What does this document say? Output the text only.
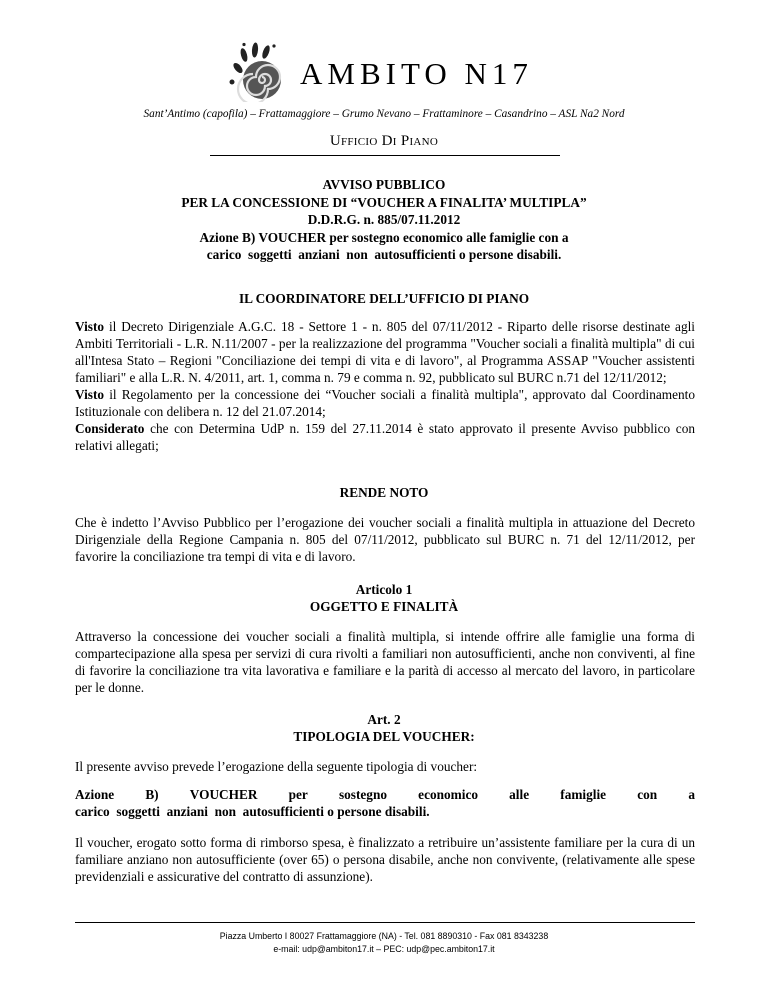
AMBITO N17
Sant’Antimo (capofila) – Frattamaggiore – Grumo Nevano – Frattaminore – Casandrino – ASL Na2 Nord
Ufficio Di Piano
AVVISO PUBBLICO
PER LA CONCESSIONE DI “VOUCHER A FINALITA’ MULTIPLA”
D.D.R.G. n. 885/07.11.2012
Azione B) VOUCHER per sostegno economico alle famiglie con a
carico  soggetti  anziani  non  autosufficienti o persone disabili.
IL COORDINATORE DELL’UFFICIO DI PIANO

Visto il Decreto Dirigenziale A.G.C. 18 - Settore 1 - n. 805 del 07/11/2012 - Riparto delle risorse destinate agli Ambiti Territoriali - L.R. N.11/2007 - per la realizzazione del programma "Voucher sociali a finalità multipla" di cui all'Intesa Stato – Regioni "Conciliazione dei tempi di vita e di lavoro", al Programma ASSAP "Voucher assistenti familiari" e alla L.R. N. 4/2011, art. 1, comma n. 79 e comma n. 92, pubblicato sul BURC n.71 del 12/11/2012;

Visto il Regolamento per la concessione dei “Voucher sociali a finalità multipla", approvato dal Coordinamento Istituzionale con delibera n. 12 del 21.07.2014;

Considerato che con Determina UdP n. 159 del 27.11.2014 è stato approvato il presente Avviso pubblico con relativi allegati;

RENDE NOTO
Che è indetto l’Avviso Pubblico per l’erogazione dei voucher sociali a finalità multipla in attuazione del Decreto Dirigenziale della Regione Campania n. 805 del 07/11/2012, pubblicato sul BURC n. 71 del 12/11/2012, per favorire la conciliazione tra tempi di vita e di lavoro.
Articolo 1
OGGETTO E FINALITÀ
Attraverso la concessione dei voucher sociali a finalità multipla, si intende offrire alle famiglie una forma di compartecipazione alla spesa per servizi di cura rivolti a familiari non autosufficienti, anche non conviventi, al fine di favorire la conciliazione tra vita lavorativa e familiare e la parità di accesso al mercato del lavoro, in particolare per le donne.
Art. 2
TIPOLOGIA DEL VOUCHER:
Il presente avviso prevede l’erogazione della seguente tipologia di voucher:
Azione B) VOUCHER per sostegno economico alle famiglie con a
carico  soggetti  anziani  non  autosufficienti o persone disabili.
Il voucher, erogato sotto forma di rimborso spesa, è finalizzato a retribuire un’assistente familiare per la cura di un familiare anziano non autosufficiente (over 65) o persona disabile, anche non convivente, (relativamente alle spese previdenziali e assicurative del contratto di assunzione).
Piazza Umberto I 80027 Frattamaggiore (NA) - Tel. 081 8890310 - Fax 081 8343238
e-mail: udp@ambiton17.it – PEC: udp@pec.ambiton17.it
